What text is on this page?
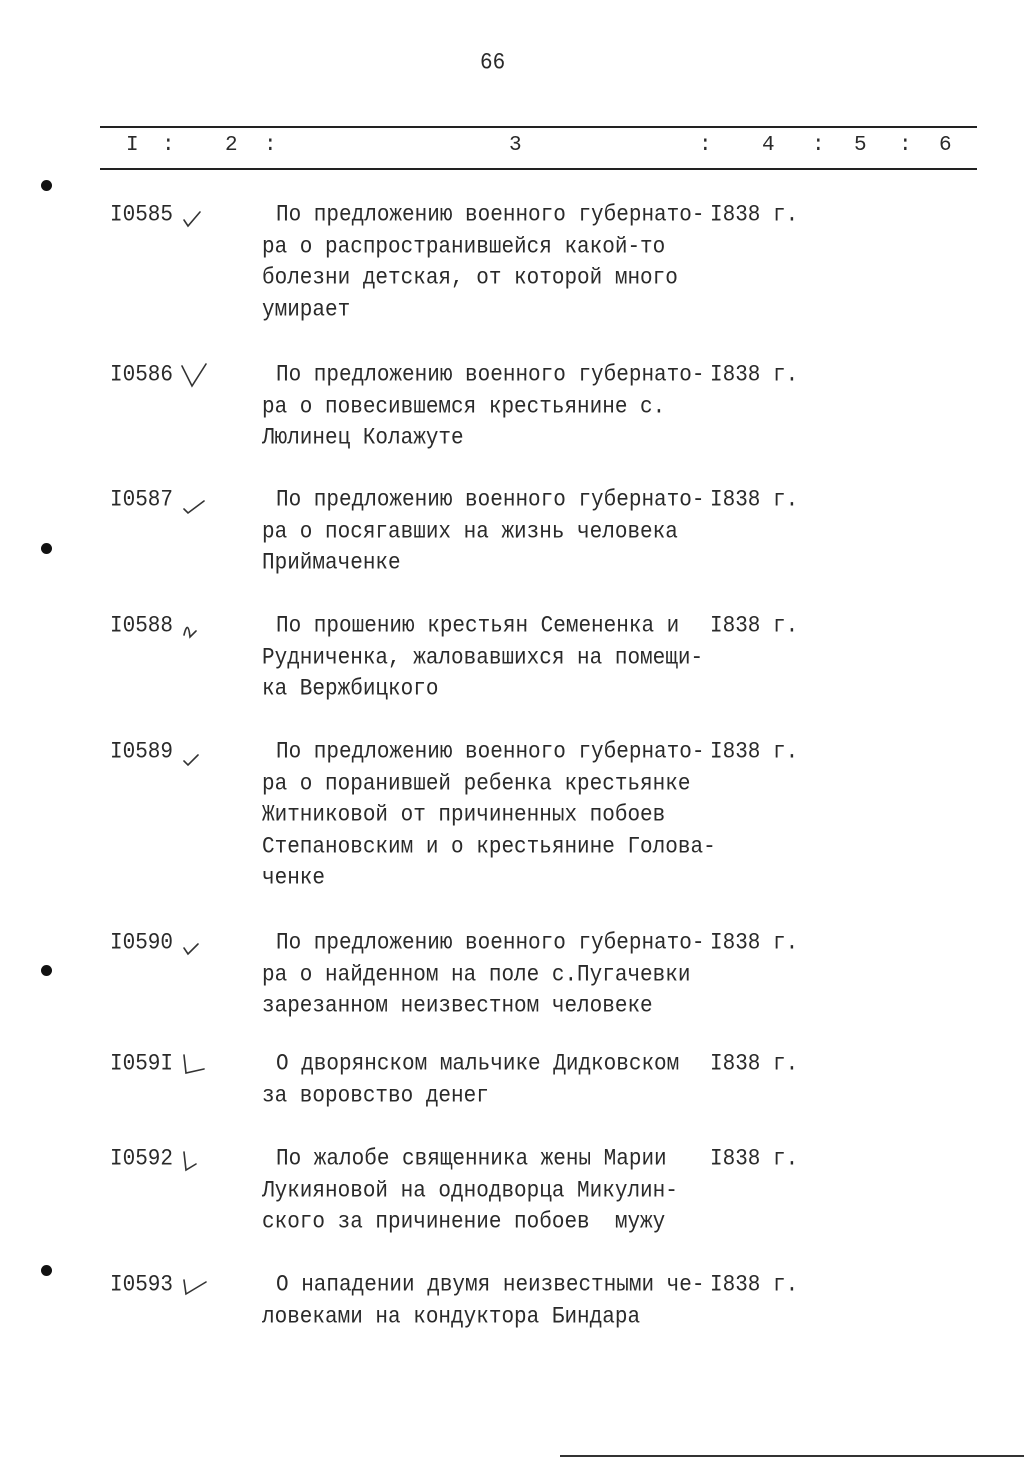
66
I : 2 :	3	: 4 : 5 : 6
I0585	По предложению военного губернато-
ра о распространившейся какой-то
болезни детская, от которой много
умирает
I838 г.
I0586	По предложению военного губернато-
ра о повесившемся крестьянине с.
Люлинец Колажуте
I838 г.
I0587	По предложению военного губернато-
ра о посягавших на жизнь человека
Приймаченке
I838 г.
I0588	По прошению крестьян Семененка и
Рудниченка, жаловавшихся на помещи-
ка Вержбицкого
I838 г.
I0589	По предложению военного губернато-
ра о поранившей ребенка крестьянке
Житниковой от причиненных побоев
Степановским и о крестьянине Голова-
ченке
I838 г.
I0590	По предложению военного губернато-
ра о найденном на поле с.Пугачевки
зарезанном неизвестном человеке
I838 г.
I059I	О дворянском мальчике Дидковском
за воровство денег
I838 г.
I0592	По жалобе священника жены Марии
Лукияновой на однодворца Микулин-
ского за причинение побоев  мужу
I838 г.
I0593	О нападении двумя неизвестными че-
ловеками на кондуктора Биндара
I838 г.
